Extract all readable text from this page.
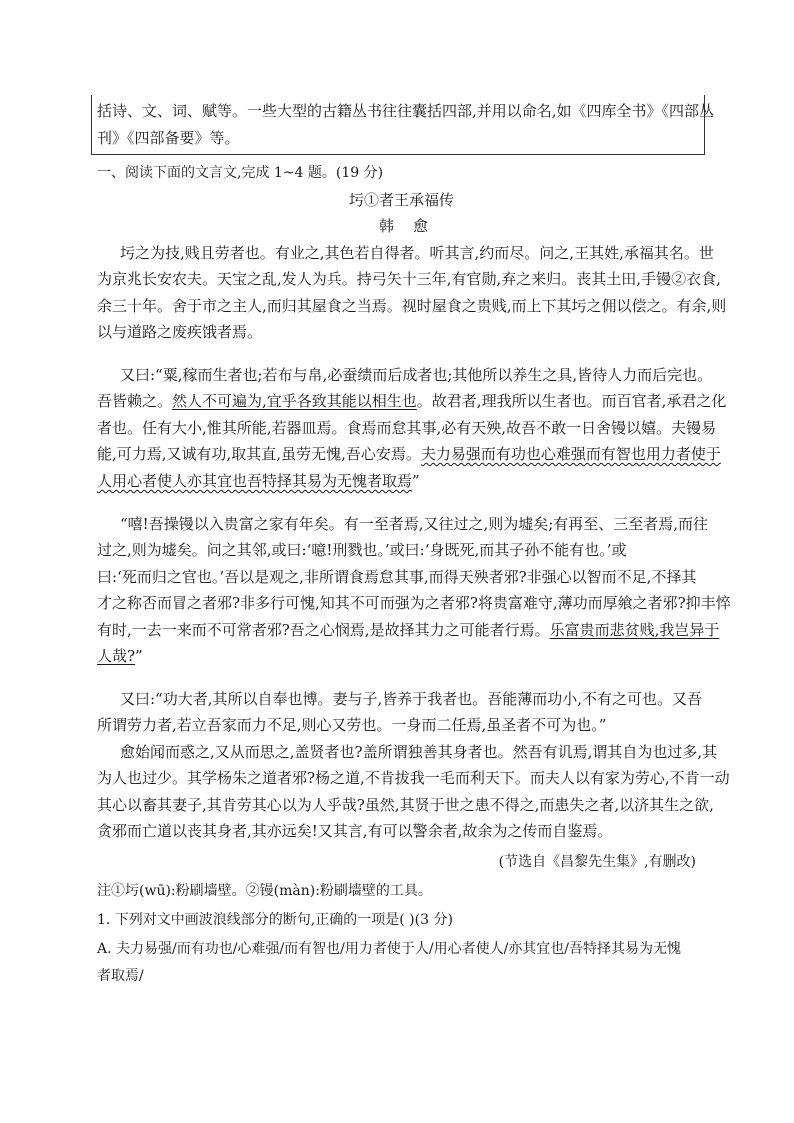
括诗、文、词、赋等。一些大型的古籍丛书往往囊括四部,并用以命名,如《四库全书》《四部丛
刊》《四部备要》等。
一、阅读下面的文言文,完成 1~4 题。(19 分)
圬①者王承福传
韩    愈
圬之为技,贱且劳者也。有业之,其色若自得者。听其言,约而尽。问之,王其姓,承福其名。世
为京兆长安农夫。天宝之乱,发人为兵。持弓矢十三年,有官勋,弃之来归。丧其土田,手镘②衣食,
余三十年。舍于市之主人,而归其屋食之当焉。视时屋食之贵贱,而上下其圬之佣以偿之。有余,则
以与道路之废疾饿者焉。
又曰:“粟,稼而生者也;若布与帛,必蚕绩而后成者也;其他所以养生之具,皆待人力而后完也。
吾皆赖之。然人不可遍为,宜乎各致其能以相生也。故君者,理我所以生者也。而百官者,承君之化
者也。任有大小,惟其所能,若器皿焉。食焉而怠其事,必有天殃,故吾不敢一日舍镘以嬉。夫镘易
能,可力焉,又诚有功,取其直,虽劳无愧,吾心安焉。夫力易强而有功也心难强而有智也用力者使于
人用心者使人亦其宜也吾特择其易为无愧者取焉”
“嘻!吾操镘以入贵富之家有年矣。有一至者焉,又往过之,则为墟矣;有再至、三至者焉,而往
过之,则为墟矣。问之其邻,或曰:‘噫!刑戮也。’或曰:‘身既死,而其子孙不能有也。’或
曰:‘死而归之官也。’吾以是观之,非所谓食焉怠其事,而得天殃者邪?非强心以智而不足,不择其
才之称否而冒之者邪?非多行可愧,知其不可而强为之者邪?将贵富难守,薄功而厚飨之者邪?抑丰悴
有时,一去一来而不可常者邪?吾之心悯焉,是故择其力之可能者行焉。乐富贵而悲贫贱,我岂异于
人哉?”
又曰:“功大者,其所以自奉也博。妻与子,皆养于我者也。吾能薄而功小,不有之可也。又吾
所谓劳力者,若立吾家而力不足,则心又劳也。一身而二任焉,虽圣者不可为也。”
愈始闻而惑之,又从而思之,盖贤者也?盖所谓独善其身者也。然吾有讥焉,谓其自为也过多,其
为人也过少。其学杨朱之道者邪?杨之道,不肯拔我一毛而利天下。而夫人以有家为劳心,不肯一动
其心以畜其妻子,其肯劳其心以为人乎哉?虽然,其贤于世之患不得之,而患失之者,以济其生之欲,
贪邪而亡道以丧其身者,其亦远矣!又其言,有可以警余者,故余为之传而自鉴焉。
(节选自《昌黎先生集》,有删改)
注①圬(wū):粉刷墙壁。②镘(màn):粉刷墙壁的工具。
1. 下列对文中画波浪线部分的断句,正确的一项是( )(3 分)
A. 夫力易强/而有功也/心难强/而有智也/用力者使于人/用心者使人/亦其宜也/吾特择其易为无愧
者取焉/
